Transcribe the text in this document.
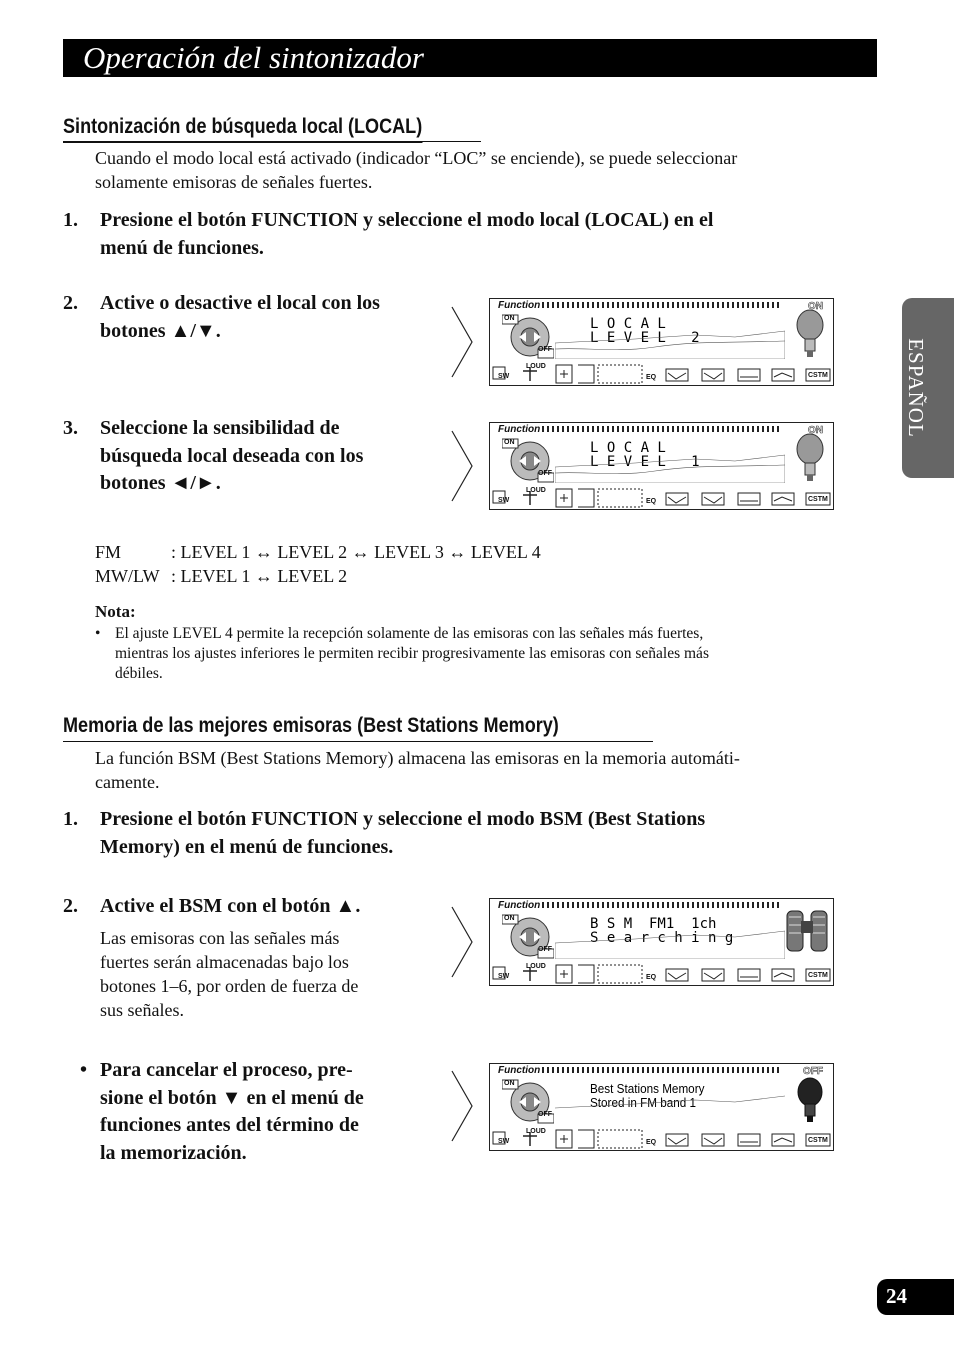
Operación del sintonizador
ESPAÑOL
Sintonización de búsqueda local (LOCAL)
Cuando el modo local está activado (indicador “LOC” se enciende), se puede seleccionar
solamente emisoras de señales fuertes.
1. Presione el botón FUNCTION y seleccione el modo local (LOCAL) en el
menú de funciones.
2. Active o desactive el local con los
botones ▲/▼.
3. Seleccione la sensibilidad de
búsqueda local deseada con los
botones ◄/►.
Function
ON
OFF
L O C A L
L E V E L   2
ON
SW
LOUD
EQ	CSTM
Function
ON
OFF
L O C A L
L E V E L   1
ON
SW
LOUD
EQ	CSTM
FM	: LEVEL 1 ↔ LEVEL 2 ↔ LEVEL 3 ↔ LEVEL 4
MW/LW : LEVEL 1 ↔ LEVEL 2
Nota:
• El ajuste LEVEL 4 permite la recepción solamente de las emisoras con las señales más fuertes,
mientras los ajustes inferiores le permiten recibir progresivamente las emisoras con señales más
débiles.
Memoria de las mejores emisoras (Best Stations Memory)
La función BSM (Best Stations Memory) almacena las emisoras en la memoria automáti-
camente.
1. Presione el botón FUNCTION y seleccione el modo BSM (Best Stations
Memory) en el menú de funciones.
2. Active el BSM con el botón ▲.
Las emisoras con las señales más
fuertes serán almacenadas bajo los
botones 1–6, por orden de fuerza de
sus señales.
• Para cancelar el proceso, pre-
sione el botón ▼ en el menú de
funciones antes del término de
la memorización.
Function
ON
OFF
B S M  FM1  1ch
S e a r c h i n g
SW
LOUD
EQ	CSTM
Function
ON
OFF
Best Stations Memory
Stored in FM band 1
OFF
SW
LOUD
EQ	CSTM
24
